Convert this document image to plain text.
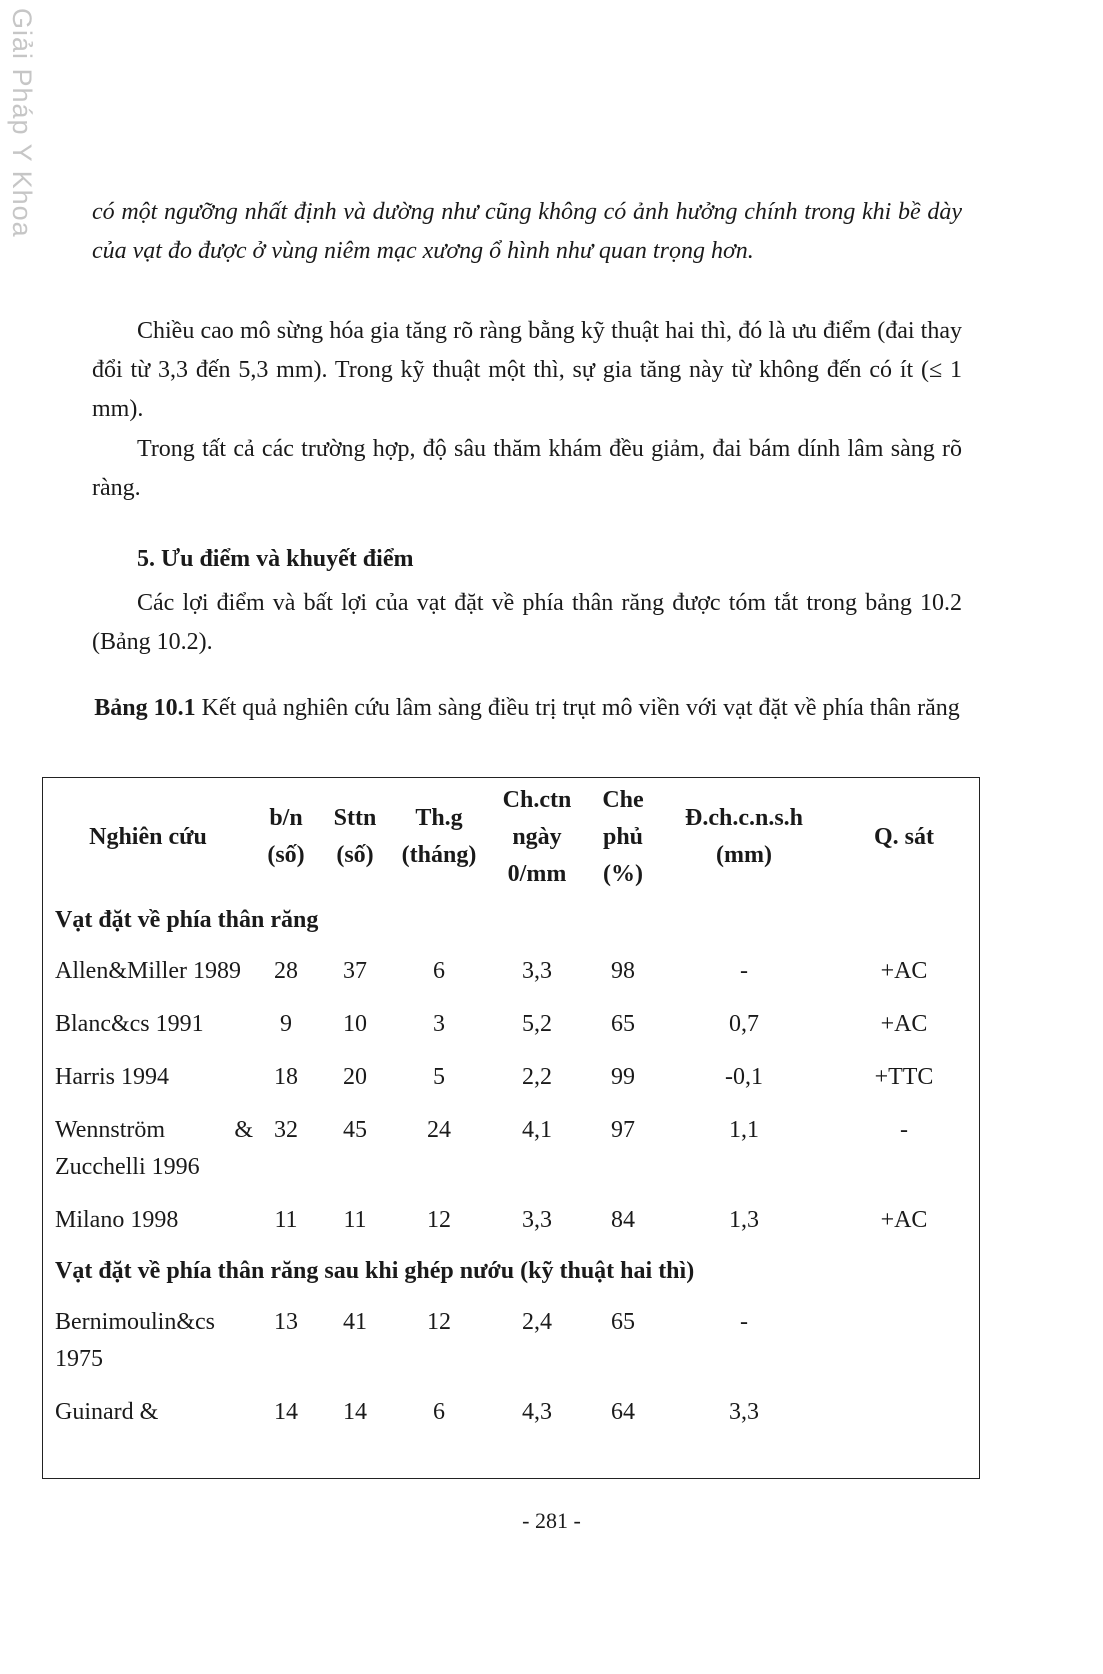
Giải Pháp Y Khoa có một ngưỡng nhất định và dường như cũng không có ảnh hưởng chính trong khi bề dày của vạt đo được ở vùng niêm mạc xương ổ hình như quan trọng hơn.

Chiều cao mô sừng hóa gia tăng rõ ràng bằng kỹ thuật hai thì, đó là ưu điểm (đai thay đổi từ 3,3 đến 5,3 mm). Trong kỹ thuật một thì, sự gia tăng này từ không đến có ít (≤ 1 mm).

Trong tất cả các trường hợp, độ sâu thăm khám đều giảm, đai bám dính lâm sàng rõ ràng.

5. Ưu điểm và khuyết điểm

Các lợi điểm và bất lợi của vạt đặt về phía thân răng được tóm tắt trong bảng 10.2 (Bảng 10.2).

Bảng 10.1 Kết quả nghiên cứu lâm sàng điều trị trụt mô viền với vạt đặt về phía thân răng
Nghiên cứu	b/n (số)	Sttn (số)	Th.g (tháng)	Ch.ctn ngày 0/mm	Che phủ (%)	Đ.ch.c.n.s.h (mm)	Q. sát
Vạt đặt về phía thân răng							
Allen&Miller 1989	28	37	6	3,3	98	-	+AC
Blanc&cs 1991	9	10	3	5,2	65	0,7	+AC
Harris 1994	18	20	5	2,2	99	-0,1	+TTC
Wennström & Zucchelli 1996	32	45	24	4,1	97	1,1	-
Milano 1998	11	11	12	3,3	84	1,3	+AC
Vạt đặt về phía thân răng sau khi ghép nướu (kỹ thuật hai thì)							
Bernimoulin&cs 1975	13	41	12	2,4	65	-	
Guinard &	14	14	6	4,3	64	3,3	
- 281 -
